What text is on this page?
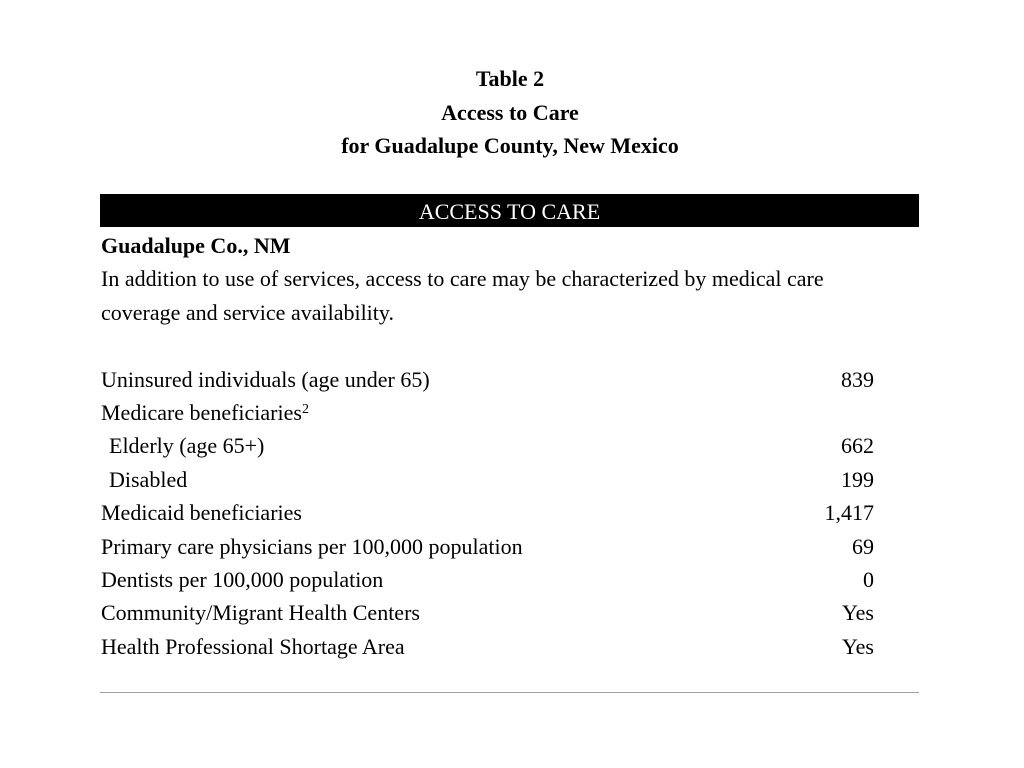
Table 2
Access to Care
for Guadalupe County, New Mexico
ACCESS TO CARE
Guadalupe Co., NM
In addition to use of services, access to care may be characterized by medical care coverage and service availability.
Uninsured individuals (age under 65)	839
Medicare beneficiaries$^2$
Elderly (age 65+)	662
Disabled	199
Medicaid beneficiaries	1,417
Primary care physicians per 100,000 population	69
Dentists per 100,000 population	0
Community/Migrant Health Centers	Yes
Health Professional Shortage Area	Yes
